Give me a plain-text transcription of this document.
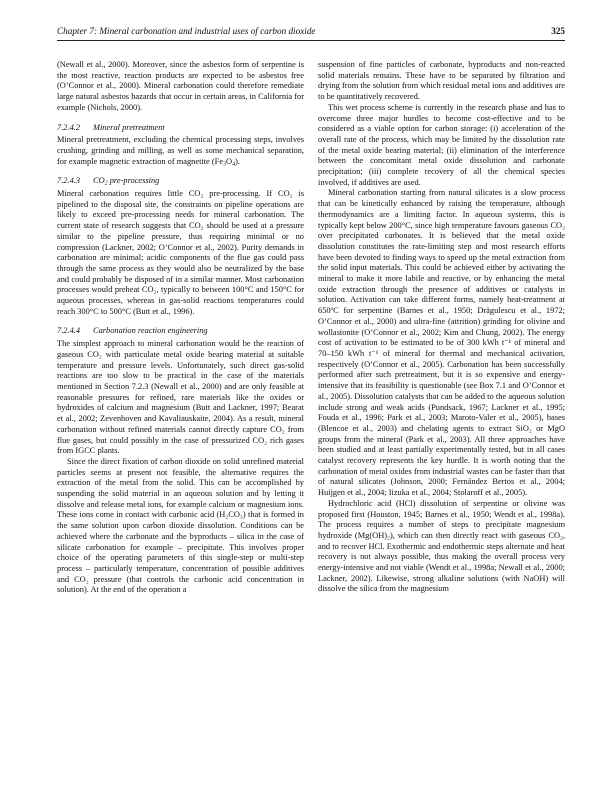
Chapter 7: Mineral carbonation and industrial uses of carbon dioxide	325

(Newall et al., 2000). Moreover, since the asbestos form of serpentine is the most reactive, reaction products are expected to be asbestos free (O’Connor et al., 2000). Mineral carbonation could therefore remediate large natural asbestos hazards that occur in certain areas, in California for example (Nichols, 2000).

7.2.4.2 Mineral pretreatment

Mineral pretreatment, excluding the chemical processing steps, involves crushing, grinding and milling, as well as some mechanical separation, for example magnetic extraction of magnetite $(Fe_3O_4)$.

7.2.4.3 $CO_2$ pre-processing

Mineral carbonation requires little CO₂ pre-processing. If CO₂ is pipelined to the disposal site, the constraints on pipeline operations are likely to exceed pre-processing needs for mineral carbonation. The current state of research suggests that CO₂ should be used at a pressure similar to the pipeline pressure, thus requiring minimal or no compression (Lackner, 2002; O’Connor et al., 2002). Purity demands in carbonation are minimal; acidic components of the flue gas could pass through the same process as they would also be neutralized by the base and could probably be disposed of in a similar manner. Most carbonation processes would preheat CO₂, typically to between 100°C and 150°C for aqueous processes, whereas in gas-solid reactions temperatures could reach 300°C to 500°C (Butt et al., 1996).

7.2.4.4 Carbonation reaction engineering

The simplest approach to mineral carbonation would be the reaction of gaseous CO₂ with particulate metal oxide bearing material at suitable temperature and pressure levels. Unfortunately, such direct gas-solid reactions are too slow to be practical in the case of the materials mentioned in Section 7.2.3 (Newall et al., 2000) and are only feasible at reasonable pressures for refined, rare materials like the oxides or hydroxides of calcium and magnesium (Butt and Lackner, 1997; Bearat et al., 2002; Zevenhoven and Kavaliauskaite, 2004). As a result, mineral carbonation without refined materials cannot directly capture CO₂ from flue gases, but could possibly in the case of pressurized CO₂ rich gases from IGCC plants.

Since the direct fixation of carbon dioxide on solid unrefined material particles seems at present not feasible, the alternative requires the extraction of the metal from the solid. This can be accomplished by suspending the solid material in an aqueous solution and by letting it dissolve and release metal ions, for example calcium or magnesium ions. These ions come in contact with carbonic acid (H₂CO₃) that is formed in the same solution upon carbon dioxide dissolution. Conditions can be achieved where the carbonate and the byproducts – silica in the case of silicate carbonation for example – precipitate. This involves proper choice of the operating parameters of this single-step or multi-step process – particularly temperature, concentration of possible additives and CO₂ pressure (that controls the carbonic acid concentration in solution). At the end of the operation a

suspension of fine particles of carbonate, byproducts and non-reacted solid materials remains. These have to be separated by filtration and drying from the solution from which residual metal ions and additives are to be quantitatively recovered.

This wet process scheme is currently in the research phase and has to overcome three major hurdles to become cost-effective and to be considered as a viable option for carbon storage: (i) acceleration of the overall rate of the process, which may be limited by the dissolution rate of the metal oxide bearing material; (ii) elimination of the interference between the concomitant metal oxide dissolution and carbonate precipitation; (iii) complete recovery of all the chemical species involved, if additives are used.

Mineral carbonation starting from natural silicates is a slow process that can be kinetically enhanced by raising the temperature, although thermodynamics are a limiting factor. In aqueous systems, this is typically kept below 200°C, since high temperature favours gaseous CO₂ over precipitated carbonates. It is believed that the metal oxide dissolution constitutes the rate-limiting step and most research efforts have been devoted to finding ways to speed up the metal extraction from the solid input materials. This could be achieved either by activating the mineral to make it more labile and reactive, or by enhancing the metal oxide extraction through the presence of additives or catalysts in solution. Activation can take different forms, namely heat-treatment at 650ºC for serpentine (Barnes et al., 1950; Drägulescu et al., 1972; O’Connor et al., 2000) and ultra-fine (attrition) grinding for olivine and wollastonite (O’Connor et al., 2002; Kim and Chung, 2002). The energy cost of activation to be estimated to be of 300 kWh t⁻¹ of mineral and 70–150 kWh t⁻¹ of mineral for thermal and mechanical activation, respectively (O’Connor et al., 2005). Carbonation has been successfully performed after such pretreatment, but it is so expensive and energy-intensive that its feasibility is questionable (see Box 7.1 and O’Connor et al., 2005). Dissolution catalysts that can be added to the aqueous solution include strong and weak acids (Pundsack, 1967; Lackner et al., 1995; Fouda et al., 1996; Park et al., 2003; Maroto-Valer et al., 2005), bases (Blencoe et al., 2003) and chelating agents to extract SiO₂ or MgO groups from the mineral (Park et al., 2003). All three approaches have been studied and at least partially experimentally tested, but in all cases catalyst recovery represents the key hurdle. It is worth noting that the carbonation of metal oxides from industrial wastes can be faster than that of natural silicates (Johnson, 2000; Fernández Bertos et al., 2004; Huijgen et al., 2004; Iizuka et al., 2004; Stolaroff et al., 2005).

Hydrochloric acid (HCl) dissolution of serpentine or olivine was proposed first (Houston, 1945; Barnes et al., 1950; Wendt et al., 1998a). The process requires a number of steps to precipitate magnesium hydroxide (Mg(OH)₂), which can then directly react with gaseous CO₂, and to recover HCl. Exothermic and endothermic steps alternate and heat recovery is not always possible, thus making the overall process very energy-intensive and not viable (Wendt et al., 1998a; Newall et al., 2000; Lackner, 2002). Likewise, strong alkaline solutions (with NaOH) will dissolve the silica from the magnesium
